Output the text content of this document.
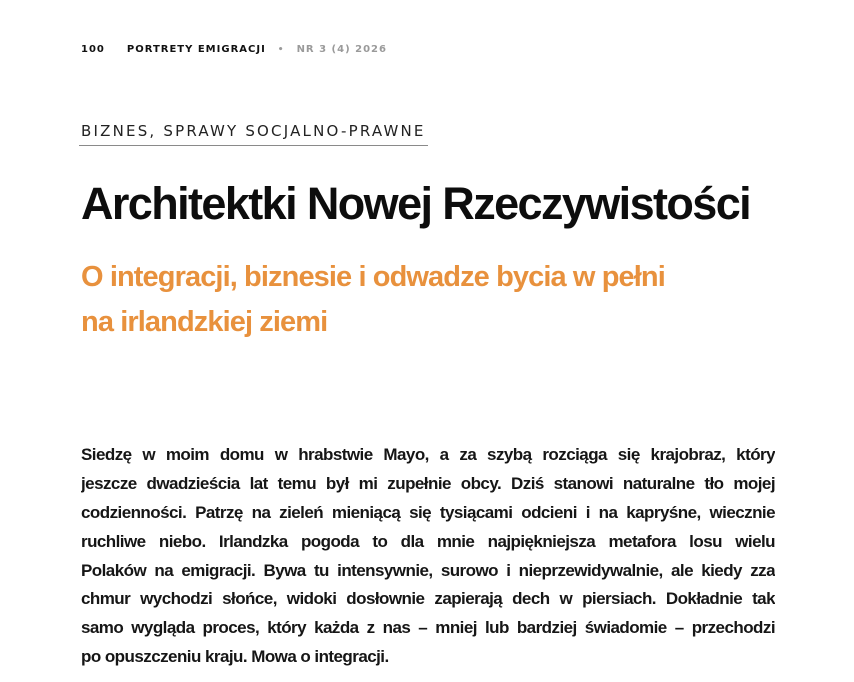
100 PORTRETY EMIGRACJI • NR 3 (4) 2026
BIZNES, SPRAWY SOCJALNO-PRAWNE
Architektki Nowej Rzeczywistości
O integracji, biznesie i odwadze bycia w pełni
na irlandzkiej ziemi
Siedzę w moim domu w hrabstwie Mayo, a za szybą rozciąga się krajobraz, który
jeszcze dwadzieścia lat temu był mi zupełnie obcy. Dziś stanowi naturalne tło mojej
codzienności. Patrzę na zieleń mieniącą się tysiącami odcieni i na kapryśne, wiecznie
ruchliwe niebo. Irlandzka pogoda to dla mnie najpiękniejsza metafora losu wielu
Polaków na emigracji. Bywa tu intensywnie, surowo i nieprzewidywalnie, ale kiedy zza
chmur wychodzi słońce, widoki dosłownie zapierają dech w piersiach. Dokładnie tak
samo wygląda proces, który każda z nas – mniej lub bardziej świadomie – przechodzi
po opuszczeniu kraju. Mowa o integracji.
